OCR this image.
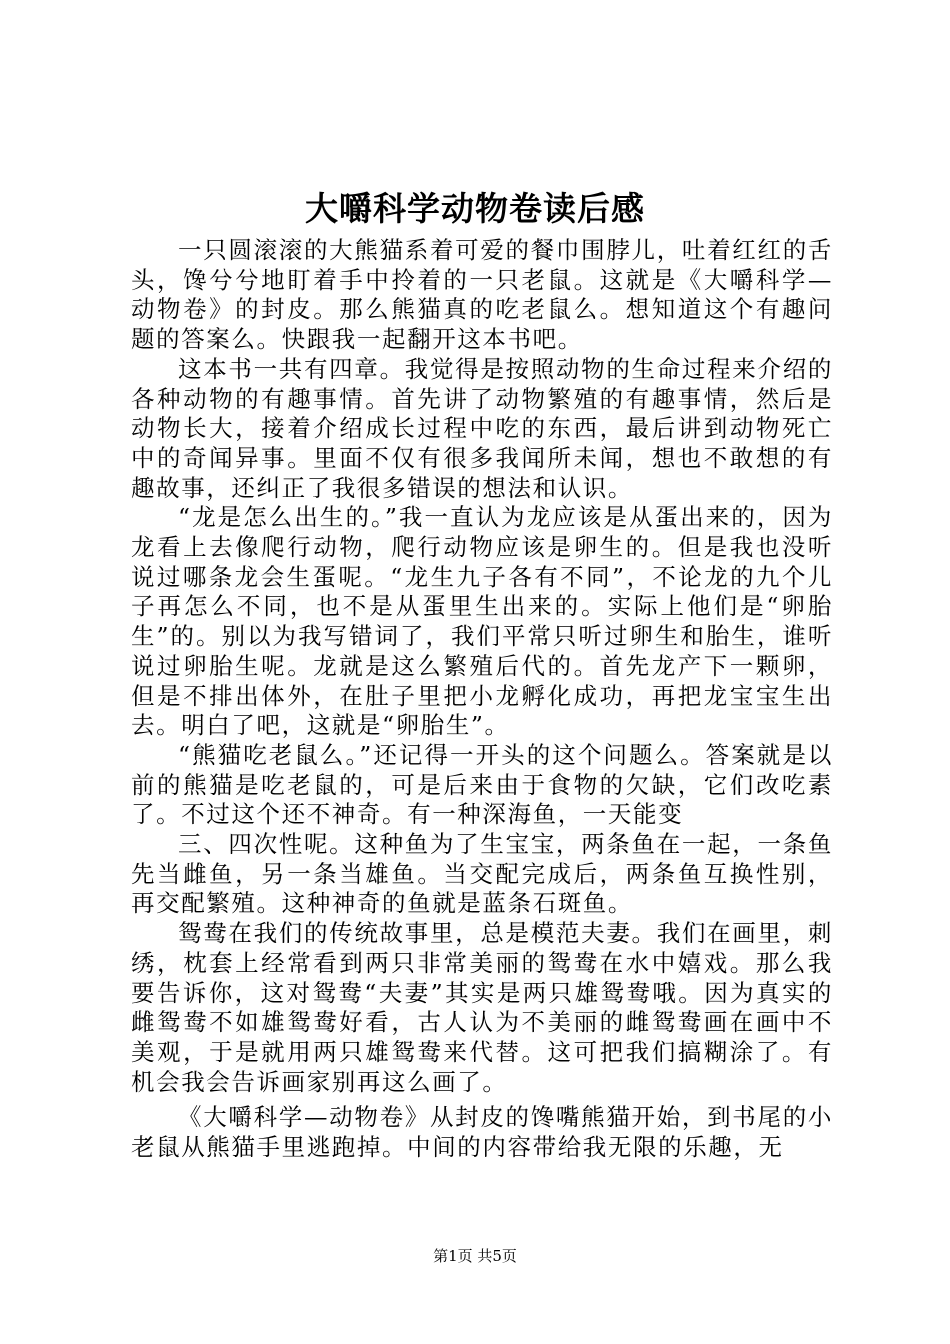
大嚼科学动物卷读后感

一只圆滚滚的大熊猫系着可爱的餐巾围脖儿，吐着红红的舌头，馋兮兮地盯着手中拎着的一只老鼠。这就是《大嚼科学—动物卷》的封皮。那么熊猫真的吃老鼠么。想知道这个有趣问题的答案么。快跟我一起翻开这本书吧。

这本书一共有四章。我觉得是按照动物的生命过程来介绍的各种动物的有趣事情。首先讲了动物繁殖的有趣事情，然后是动物长大，接着介绍成长过程中吃的东西，最后讲到动物死亡中的奇闻异事。里面不仅有很多我闻所未闻，想也不敢想的有趣故事，还纠正了我很多错误的想法和认识。

“龙是怎么出生的。”我一直认为龙应该是从蛋出来的，因为龙看上去像爬行动物，爬行动物应该是卵生的。但是我也没听说过哪条龙会生蛋呢。“龙生九子各有不同”，不论龙的九个儿子再怎么不同，也不是从蛋里生出来的。实际上他们是“卵胎生”的。别以为我写错词了，我们平常只听过卵生和胎生，谁听说过卵胎生呢。龙就是这么繁殖后代的。首先龙产下一颗卵，但是不排出体外，在肚子里把小龙孵化成功，再把龙宝宝生出去。明白了吧，这就是“卵胎生”。

“熊猫吃老鼠么。”还记得一开头的这个问题么。答案就是以前的熊猫是吃老鼠的，可是后来由于食物的欠缺，它们改吃素了。不过这个还不神奇。有一种深海鱼，一天能变

三、四次性呢。这种鱼为了生宝宝，两条鱼在一起，一条鱼先当雌鱼，另一条当雄鱼。当交配完成后，两条鱼互换性别，再交配繁殖。这种神奇的鱼就是蓝条石斑鱼。

鸳鸯在我们的传统故事里，总是模范夫妻。我们在画里，刺绣，枕套上经常看到两只非常美丽的鸳鸯在水中嬉戏。那么我要告诉你，这对鸳鸯“夫妻”其实是两只雄鸳鸯哦。因为真实的雌鸳鸯不如雄鸳鸯好看，古人认为不美丽的雌鸳鸯画在画中不美观，于是就用两只雄鸳鸯来代替。这可把我们搞糊涂了。有机会我会告诉画家别再这么画了。

《大嚼科学—动物卷》从封皮的馋嘴熊猫开始，到书尾的小老鼠从熊猫手里逃跑掉。中间的内容带给我无限的乐趣，无

第1页 共5页
